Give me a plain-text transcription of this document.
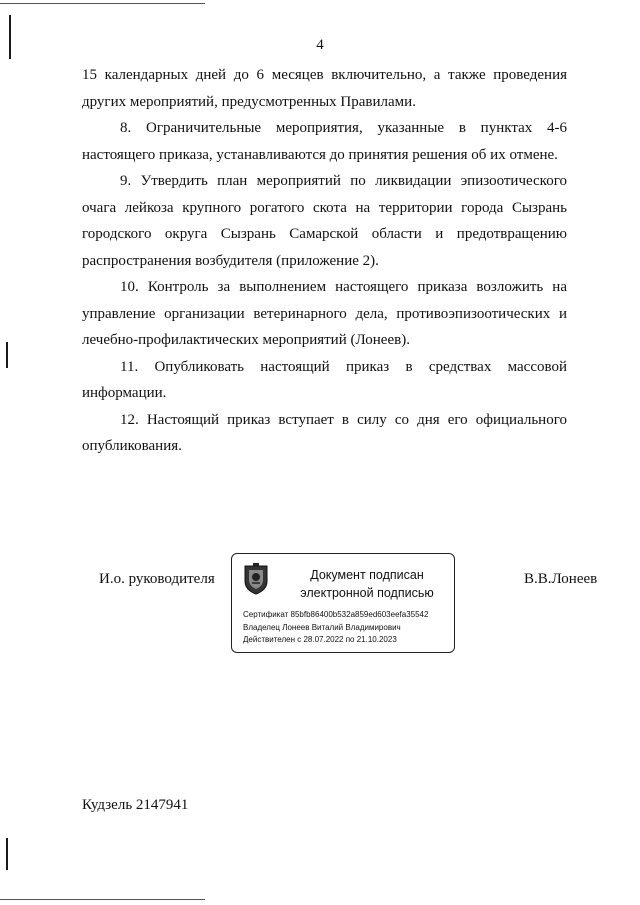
4

15 календарных дней до 6 месяцев включительно, а также проведения

других мероприятий, предусмотренных Правилами.

8. Ограничительные мероприятия, указанные в пунктах 4-6 настоящего приказа, устанавливаются до принятия решения об их отмене.

9. Утвердить план мероприятий по ликвидации эпизоотического очага лейкоза крупного рогатого скота на территории города Сызрань городского округа Сызрань Самарской области и предотвращению распространения возбудителя (приложение 2).

10. Контроль за выполнением настоящего приказа возложить на управление организации ветеринарного дела, противоэпизоотических и лечебно-профилактических мероприятий (Лонеев).

11. Опубликовать настоящий приказ в средствах массовой информации.

12. Настоящий приказ вступает в силу со дня его официального опубликования.

И.о. руководителя	Документ подписан
электронной подписью
Сертификат 85bfb86400b532a859ed603eefa35542
Владелец Лонеев Виталий Владимирович
Действителен с 28.07.2022 по 21.10.2023
В.В.Лонеев
Кудзель 2147941
